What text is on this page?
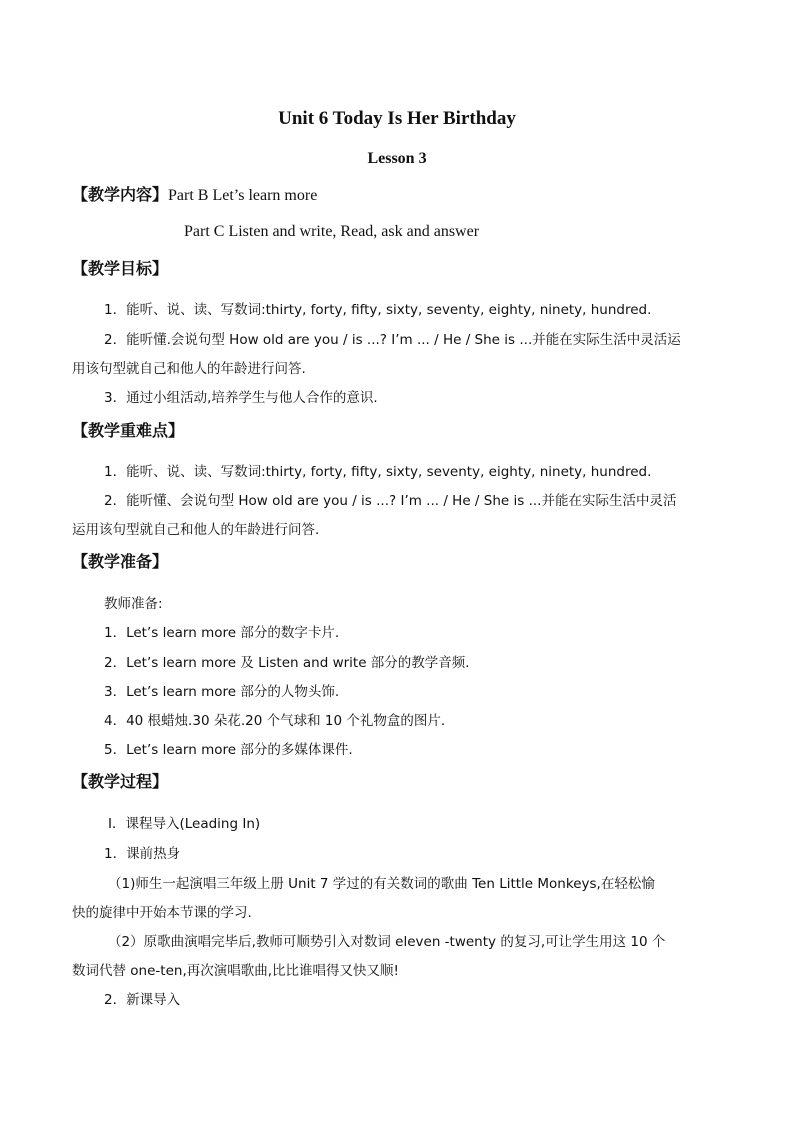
Unit 6 Today Is Her Birthday
Lesson 3
【教学内容】Part B Let’s learn more
Part C Listen and write, Read, ask and answer
【教学目标】
1．能听、说、读、写数词:thirty, forty, fifty, sixty, seventy, eighty, ninety, hundred.
2．能听懂.会说句型 How old are you / is ...? I’m ... / He / She is ...并能在实际生活中灵活运
用该句型就自己和他人的年龄进行问答.
3．通过小组活动,培养学生与他人合作的意识.
【教学重难点】
1．能听、说、读、写数词:thirty, forty, fifty, sixty, seventy, eighty, ninety, hundred.
2．能听懂、会说句型 How old are you / is ...? I’m ... / He / She is ...并能在实际生活中灵活
运用该句型就自己和他人的年龄进行问答.
【教学准备】
教师准备:
1．Let’s learn more 部分的数字卡片.
2．Let’s learn more 及 Listen and write 部分的教学音频.
3．Let’s learn more 部分的人物头饰.
4．40 根蜡烛.30 朵花.20 个气球和 10 个礼物盒的图片.
5．Let’s learn more 部分的多媒体课件.
【教学过程】
Ⅰ．课程导入(Leading In)
1．课前热身
（1)师生一起演唱三年级上册 Unit 7 学过的有关数词的歌曲 Ten Little Monkeys,在轻松愉
快的旋律中开始本节课的学习.
（2）原歌曲演唱完毕后,教师可顺势引入对数词 eleven -twenty 的复习,可让学生用这 10 个
数词代替 one-ten,再次演唱歌曲,比比谁唱得又快又顺!
2．新课导入
